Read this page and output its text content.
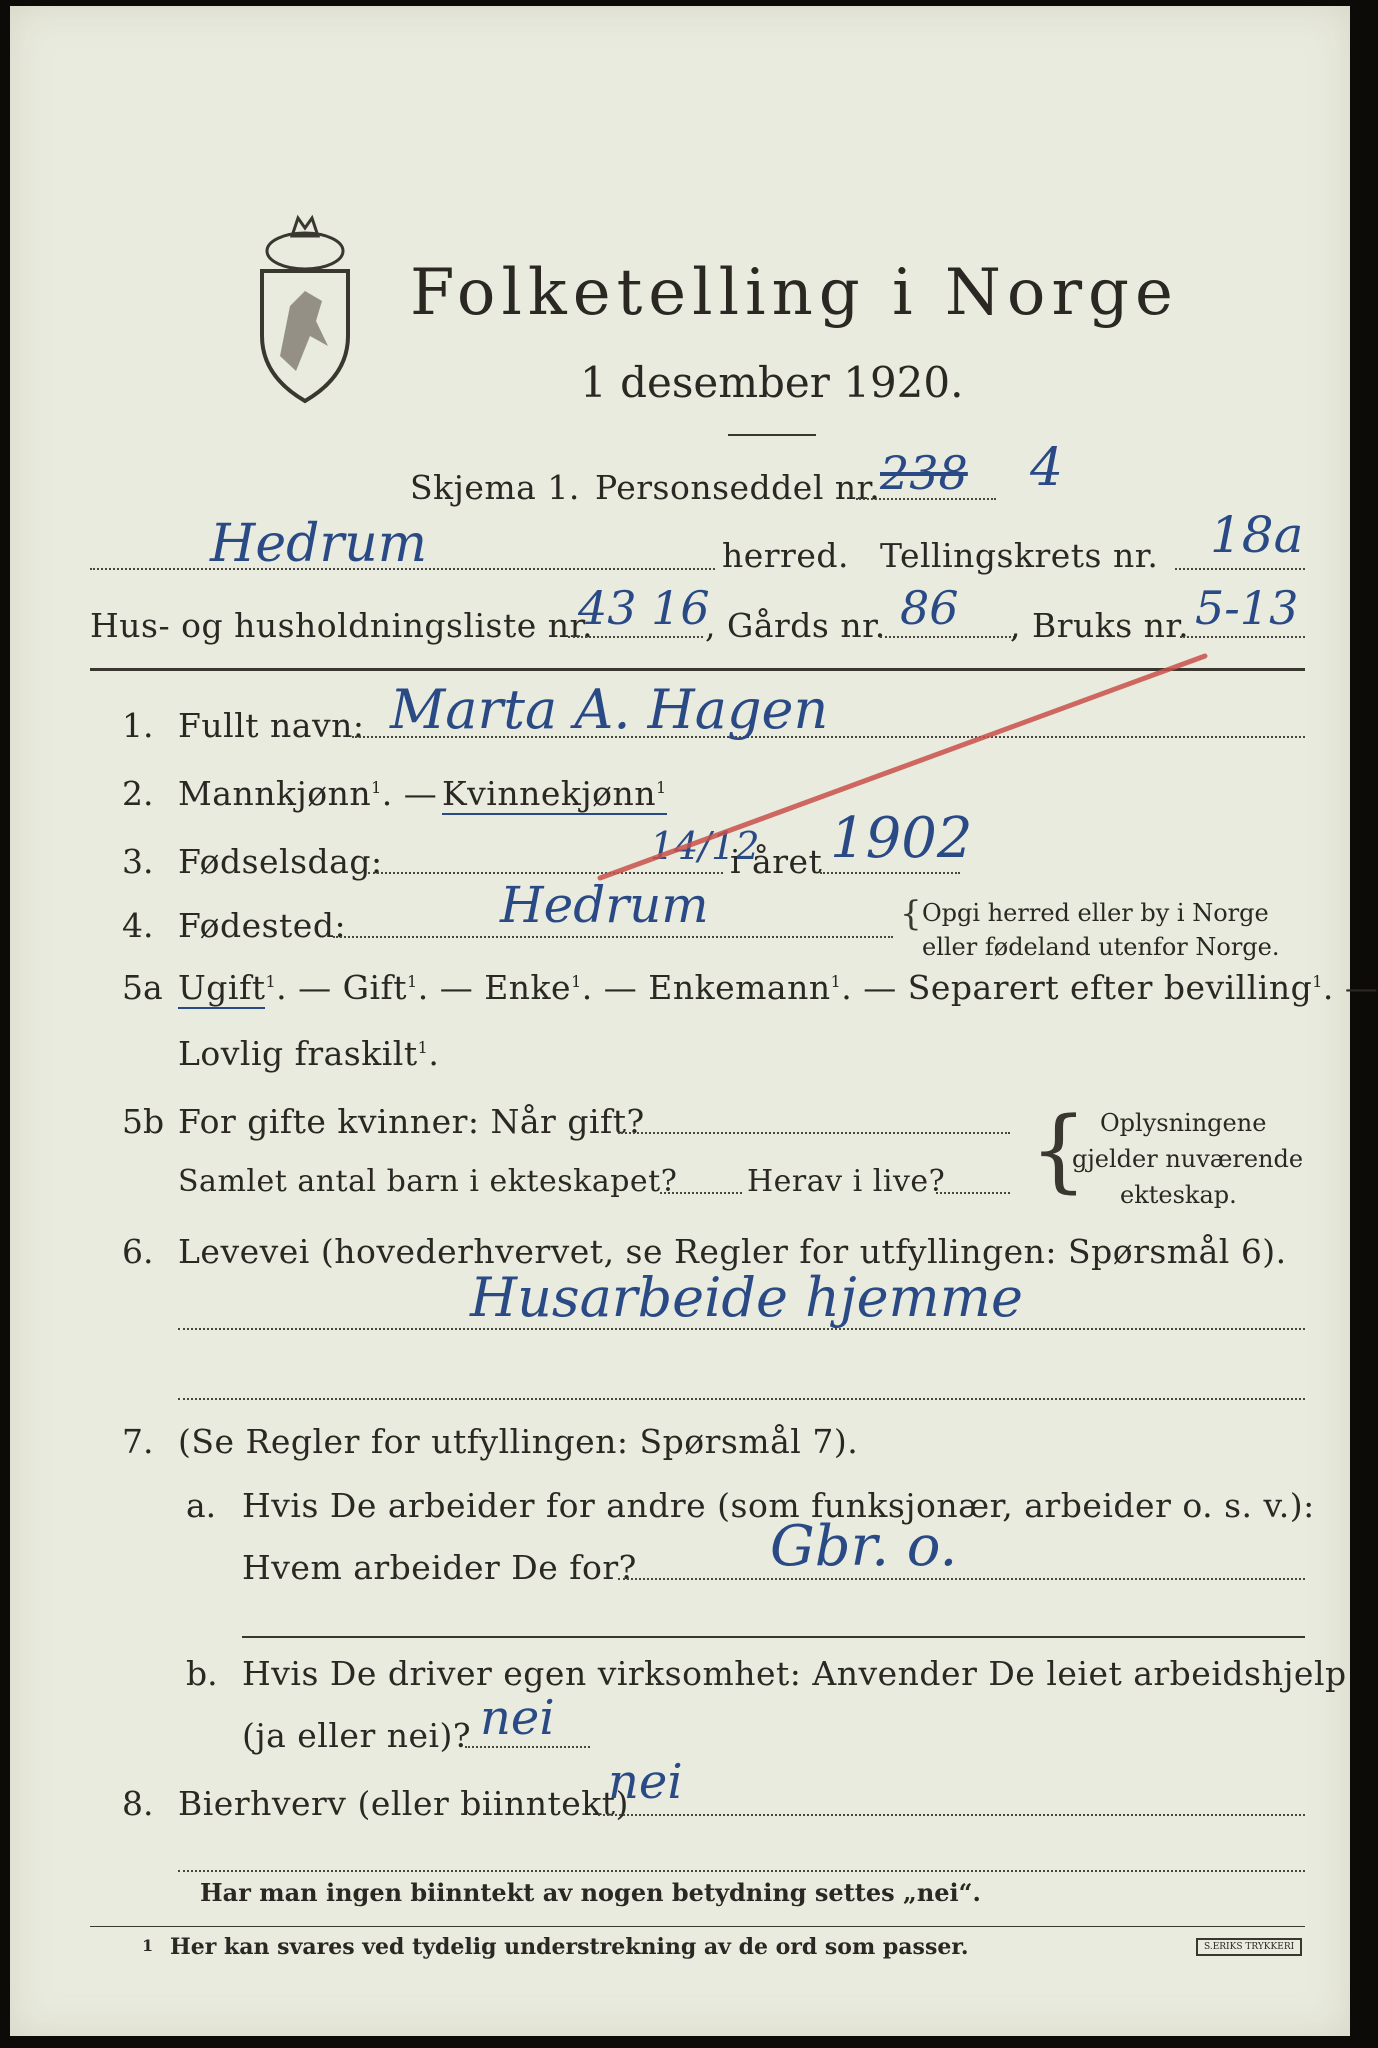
Folketelling i Norge
1 desember 1920.
Skjema 1. Personseddel nr. 238 4
Hedrum	herred. Tellingskrets nr. 18a
Hus- og husholdningsliste nr.
43 16
, Gårds nr. 86 , Bruks nr. 5-13
1. Fullt navn: Marta A. Hagen
2. Mannkjønn$^1$. — Kvinnekjønn$^1$
3. Fødselsdag:	14/12
i året 1902
4. Fødested:	Hedrum	{ Opgi herred eller by i Norge
eller fødeland utenfor Norge.
5a Ugift$^1$. — Gift$^1$. — Enke$^1$. — Enkemann$^1$. — Separert efter bevilling$^1$. —
Lovlig fraskilt$^1$.
5b For gifte kvinner: Når gift?
Samlet antal barn i ekteskapet? Herav i live? { Oplysningene
gjelder nuværende
ekteskap.
6. Levevei (hovederhvervet, se Regler for utfyllingen: Spørsmål 6).
Husarbeide hjemme
7. (Se Regler for utfyllingen: Spørsmål 7).
a. Hvis De arbeider for andre (som funksjonær, arbeider o. s. v.):
Hvem arbeider De for? Gbr. o.
b. Hvis De driver egen virksomhet: Anvender De leiet arbeidshjelp
(ja eller nei)? nei
8. Bierhverv (eller biinntekt)
nei
Har man ingen biinntekt av nogen betydning settes „nei“.
1 Her kan svares ved tydelig understrekning av de ord som passer.	S.ERIKS TRYKKERI
